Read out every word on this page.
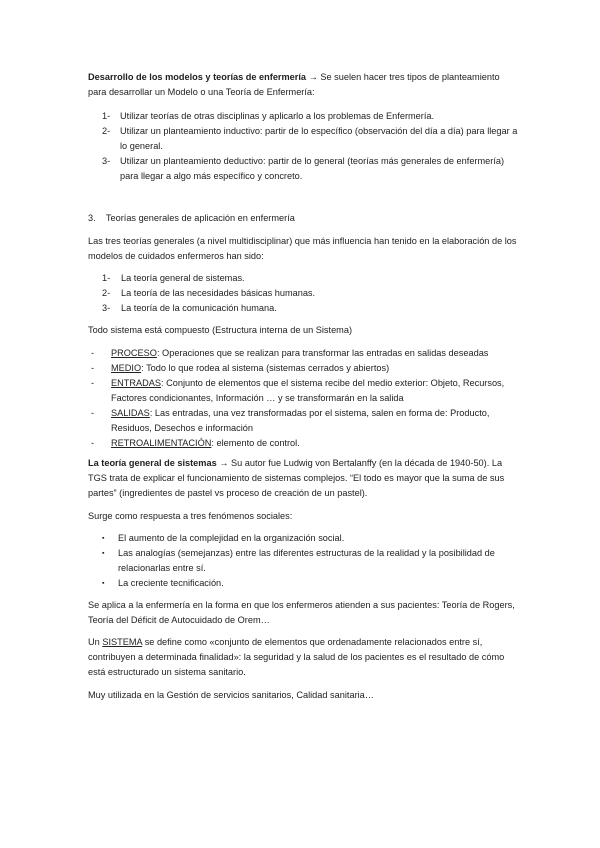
Desarrollo de los modelos y teorías de enfermería → Se suelen hacer tres tipos de planteamiento para desarrollar un Modelo o una Teoría de Enfermería:

1- Utilizar teorías de otras disciplinas y aplicarlo a los problemas de Enfermería.
2- Utilizar un planteamiento inductivo: partir de lo específico (observación del día a día) para llegar a lo general.
3- Utilizar un planteamiento deductivo: partir de lo general (teorías más generales de enfermería) para llegar a algo más específico y concreto.

3. Teorías generales de aplicación en enfermería

Las tres teorías generales (a nivel multidisciplinar) que más influencia han tenido en la elaboración de los modelos de cuidados enfermeros han sido:

1- La teoría general de sistemas.
2- La teoría de las necesidades básicas humanas.
3- La teoría de la comunicación humana.

Todo sistema está compuesto (Estructura interna de un Sistema)

- PROCESO: Operaciones que se realizan para transformar las entradas en salidas deseadas
- MEDIO: Todo lo que rodea al sistema (sistemas cerrados y abiertos)
- ENTRADAS: Conjunto de elementos que el sistema recibe del medio exterior: Objeto, Recursos, Factores condicionantes, Información … y se transformarán en la salida
- SALIDAS: Las entradas, una vez transformadas por el sistema, salen en forma de: Producto, Residuos, Desechos e información
- RETROALIMENTACIÓN: elemento de control.

La teoría general de sistemas → Su autor fue Ludwig von Bertalanffy (en la década de 1940-50). La TGS trata de explicar el funcionamiento de sistemas complejos. “El todo es mayor que la suma de sus partes” (ingredientes de pastel vs proceso de creación de un pastel).

Surge como respuesta a tres fenómenos sociales:

▪ El aumento de la complejidad en la organización social.
▪ Las analogías (semejanzas) entre las diferentes estructuras de la realidad y la posibilidad de relacionarlas entre sí.
▪ La creciente tecnificación.

Se aplica a la enfermería en la forma en que los enfermeros atienden a sus pacientes: Teoría de Rogers, Teoría del Déficit de Autocuidado de Orem…

Un SISTEMA se define como «conjunto de elementos que ordenadamente relacionados entre sí, contribuyen a determinada finalidad»: la seguridad y la salud de los pacientes es el resultado de cómo está estructurado un sistema sanitario.

Muy utilizada en la Gestión de servicios sanitarios, Calidad sanitaria…
